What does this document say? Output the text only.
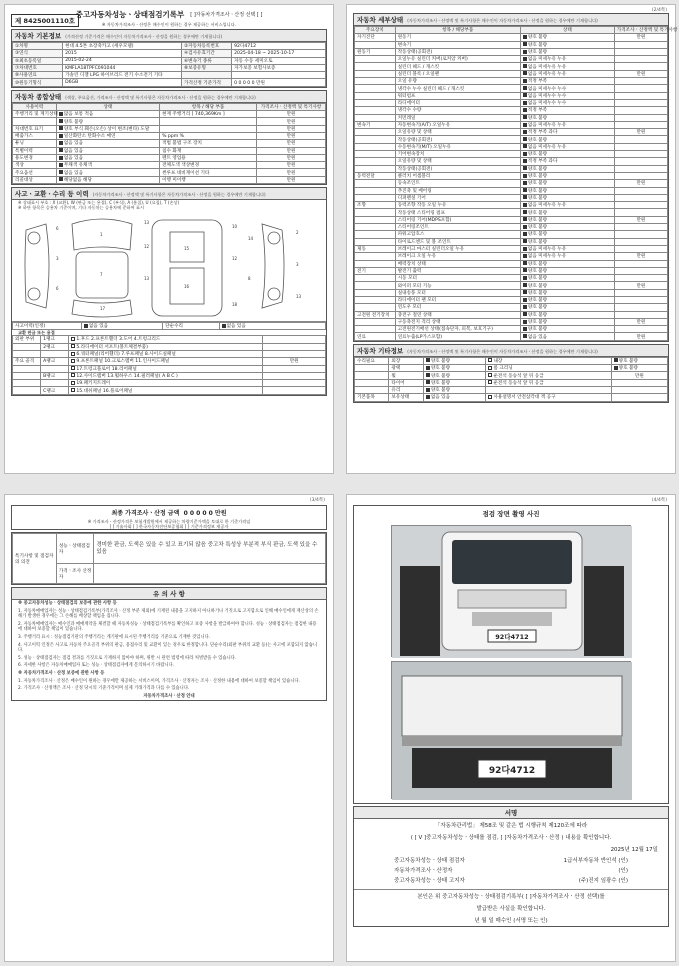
제 8425001110호
중고자동차성능ㆍ상태점검기록부 [ ]자동차가격조사ㆍ산정 선택 [ ]
※ 자동차가격조사ㆍ산정은 매수인이 원하는 경우 제공하는 서비스입니다.
자동차 기본정보 (가격산정 기준가격은 매수인이 자동차가격조사ㆍ산정을 원하는 경우에만 기재합니다)
①차명	현대 4.5톤 초장축카고 (세우모델)	②자동차등록번호	92다4712
③연식	2015	④검사유효기간	2025-04-18 ~ 2025-10-17
⑤최초등록일	2015-02-24	⑥변속기 종류	자동 수동 세미오토
⑦차대번호	KMFLA18TPFC091044	⑧보증유형	자가보증 보험사보증
⑨사용연료	가솔린 디젤 LPG 하이브리드 전기 수소전기 기타		
⑩원동기형식	D6GB	가격산정 기준가격	0 0 0 0 0 만원
자동차 종합상태 (색상, 주요옵션, 가격조사ㆍ산정액 및 특기사항은 자동차가격조사ㆍ산정을 원하는 경우에만 기재합니다)
사용이력	상태	항목 / 해당 부품	가격조사ㆍ산정액 및 특기사항
주행거리 및 계기상태	많음 보통 적음	현재 주행거리 [ 740,369Km ]	만원
	양호 불량		만원
차대번호 표기	양호 부식 훼손(오손) 상이 변조(변타) 도말		만원
배출가스	일산화탄소 탄화수소 매연	% ppm %	만원
튜닝	없음 있음	적법 불법 구조 장치	만원
특별이력	없음 있음	침수 화재	만원
용도변경	없음 있음	렌트 영업용	만원
색상	무채색 유채색	전체도색 색상변경	만원
주요옵션	없음 있음	썬루프 네비게이션 기타	만원
리콜대상	해당없음 해당	이행 미이행	만원
사고ㆍ교환ㆍ수리 등 이력 (자동차가격조사ㆍ산정액 및 특기사항은 자동차가격조사ㆍ산정을 원하는 경우에만 기재합니다)
※ 상태표시 부호 : X (교환), W (판금 또는 용접), C (부식), A (흠집), U (요철), T (손상)
※ 하단 항목은 승용차 기준이며, 기타 자동차는 승용차에 준하여 표시
6
3
6
1
7
17
13
12
13
15
16
10
12
18
14
8
2
3
13
사고이력(인정)	없음 있음	단순수리	없음 있음
교환 판금 또는 용접
외판 부위	1랭크	1.후드 2.프론트휀더 3.도어 4.트렁크리드	
	2랭크	5.라디에이터 서포트(볼트체결부품)	
		6.쿼터패널(리어휀더) 7.루프패널 8.사이드실패널	
주요 골격	A랭크	9.프론트패널 10.크로스멤버 11.인사이드패널	만원
		17.트렁크플로어 18.리어패널	
	B랭크	12.사이드멤버 13.휠하우스 14.필러패널( A B C )	
		19.패키지트레이	
	C랭크	15.대쉬패널 16.플로어패널	
(2/4쪽)
자동차 세부상태 (자동차가격조사ㆍ산정액 및 특기사항은 매수인이 자동차가격조사ㆍ산정을 원하는 경우에만 기재합니다)
주요장치	항목 / 해당부품	상태	가격조사ㆍ산정액 및 특기사항
자기진단	원동기	양호 불량	만원
	변속기	양호 불량	
원동기	작동상태(공회전)	양호 불량	
	오일누유 실린더 커버(로커암 커버)	없음 미세누유 누유	
	실린더 헤드 / 개스킷	없음 미세누유 누유	
	실린더 블록 / 오일팬	없음 미세누유 누유	만원
	오일 유량	적정 부족	
	냉각수 누수 실린더 헤드 / 개스킷	없음 미세누수 누수	
	워터펌프	없음 미세누수 누수	
	라디에이터	없음 미세누수 누수	
	냉각수 수량	적정 부족	
	커먼레일	양호 불량	
변속기	자동변속기(A/T) 오일누유	없음 미세누유 누유	
	오일유량 및 상태	적정 부족 과다	만원
	작동상태(공회전)	양호 불량	
	수동변속기(M/T) 오일누유	없음 미세누유 누유	
	기어변속장치	양호 불량	
	오일유량 및 상태	적정 부족 과다	
	작동상태(공회전)	양호 불량	
동력전달	클러치 어셈블리	양호 불량	
	등속조인트	양호 불량	만원
	추진축 및 베어링	양호 불량	
	디퍼렌셜 기어	양호 불량	
조향	동력조향 작동 오일 누유	없음 미세누유 누유	
	작동상태 스티어링 펌프	양호 불량	
	스티어링 기어(MDPS포함)	양호 불량	만원
	스티어링조인트	양호 불량	
	파워고압호스	양호 불량	
	타이로드엔드 및 볼 조인트	양호 불량	
제동	브레이크 마스터 실린더오일 누유	없음 미세누유 누유	
	브레이크 오일 누유	없음 미세누유 누유	만원
	배력장치 상태	양호 불량	
전기	발전기 출력	양호 불량	
	시동 모터	양호 불량	
	와이퍼 모터 기능	양호 불량	만원
	실내송풍 모터	양호 불량	
	라디에이터 팬 모터	양호 불량	
	윈도우 모터	양호 불량	
고전원 전기장치	충전구 절연 상태	양호 불량	
	구동축전지 격리 상태	양호 불량	만원
	고전원전기배선 상태(접속단자, 피복, 보호기구)	양호 불량	
연료	연료누출(LP가스포함)	없음 있음	만원
자동차 기타정보 (자동차가격조사ㆍ산정액 및 특기사항은 매수인이 자동차가격조사ㆍ산정을 원하는 경우에만 기재합니다)
수리필요	외장	양호 불량	내장	양호 불량
	광택	양호 불량	룸 크리닝	양호 불량
	휠	양호 불량	운전석 동승석 앞 뒤 응급	만원
	타이어	양호 불량	운전석 동승석 앞 뒤 응급	
	유리	양호 불량		
기본품목	보유상태	없음 있음	사용설명서 안전삼각대 잭 공구	
(3/4쪽)
최종 가격조사ㆍ산정 금액 0 0 0 0 0 만원
※ 가격조사ㆍ산정가격은 보험개발원에서 제공하는 차량기준가액을 토대로 한 기준가격임
[ ] 기술사회 [ ] 한국자동차진단보증협회 [ ] 기준가격정보 제공자
특기사항 및 점검자의 의견	성능ㆍ상태점검자	경미한 판금, 도색은 있을 수 있고 표기되 않음 중고차 특성상 부분적 부식 판금, 도색 있을 수 있음
	가격ㆍ조사 산정자	
유 의 사 항
※ 중고자동차성능ㆍ상태점검의 보증에 관한 사항 등
1. 자동차매매업자는 성능ㆍ상태점검기록부(가격조사ㆍ산정 부분 제외)에 기재된 내용을 고지하지 아니하거나 거짓으로 고지함으로 인해 매수인에게 재산상의 손해가 발생한 경우에는 그 손해를 배상할 책임을 집니다.
2. 자동차매매업자는 매수인과 매매계약을 체결할 때 자동차성능ㆍ상태점검기록부를 확인하고 보증 사항을 발급하여야 합니다. 성능ㆍ상태점검자는 점검한 내용에 대하여 보증할 책임이 있습니다.
3. 주행거리 표시 : 성능점검기관의 주행거리는 계기판에 표시된 주행거리를 기준으로 기재한 것입니다.
4. 사고이력 인정은 사고로 자동차 주요골격 부위의 판금, 용접수리 및 교환이 있는 경우로 한정합니다. 단순수리(외판 부위의 교환 등)는 사고에 포함되지 않습니다.
5. 성능ㆍ상태점검자는 점검 결과를 거짓으로 기재하지 않아야 하며, 위반 시 관련 법령에 따라 처벌받을 수 있습니다.
6. 자세한 사항은 자동차매매업자 또는 성능ㆍ상태점검자에게 문의하시기 바랍니다.
※ 자동차가격조사ㆍ산정 보증에 관한 사항 등
1. 자동차가격조사ㆍ산정은 매수인이 원하는 경우에만 제공하는 서비스이며, 가격조사ㆍ산정자는 조사ㆍ산정한 내용에 대하여 보증할 책임이 있습니다.
2. 가격조사ㆍ산정액은 조사ㆍ산정 당시의 기준가격이며 실제 거래가격과 다를 수 있습니다.
자동차가격조사ㆍ산정 안내
(4/4쪽)
점검 장면 촬영 사진
92다4712
92다4712
서명
「자동차관리법」 제58조 및 같은 법 시행규칙 제120조에 따라
( [ V ]중고자동차성능ㆍ상태를 점검, [ ]자동차가격조사ㆍ산정 ) 내용을 확인합니다.
2025년 12월 17일
중고자동차성능ㆍ상태 점검자	1급서부자동차 반인석 (인)
자동차가격조사ㆍ산정자	(인)
중고자동차성능ㆍ상태 고지자	(주)진지 임광수 (인)
본인은 위 중고자동차성능ㆍ상태점검기록부( [ ]자동차가격조사ㆍ산정 선택)를
발급받은 사실을 확인합니다.
년 월 일 매수인 (서명 또는 인)
